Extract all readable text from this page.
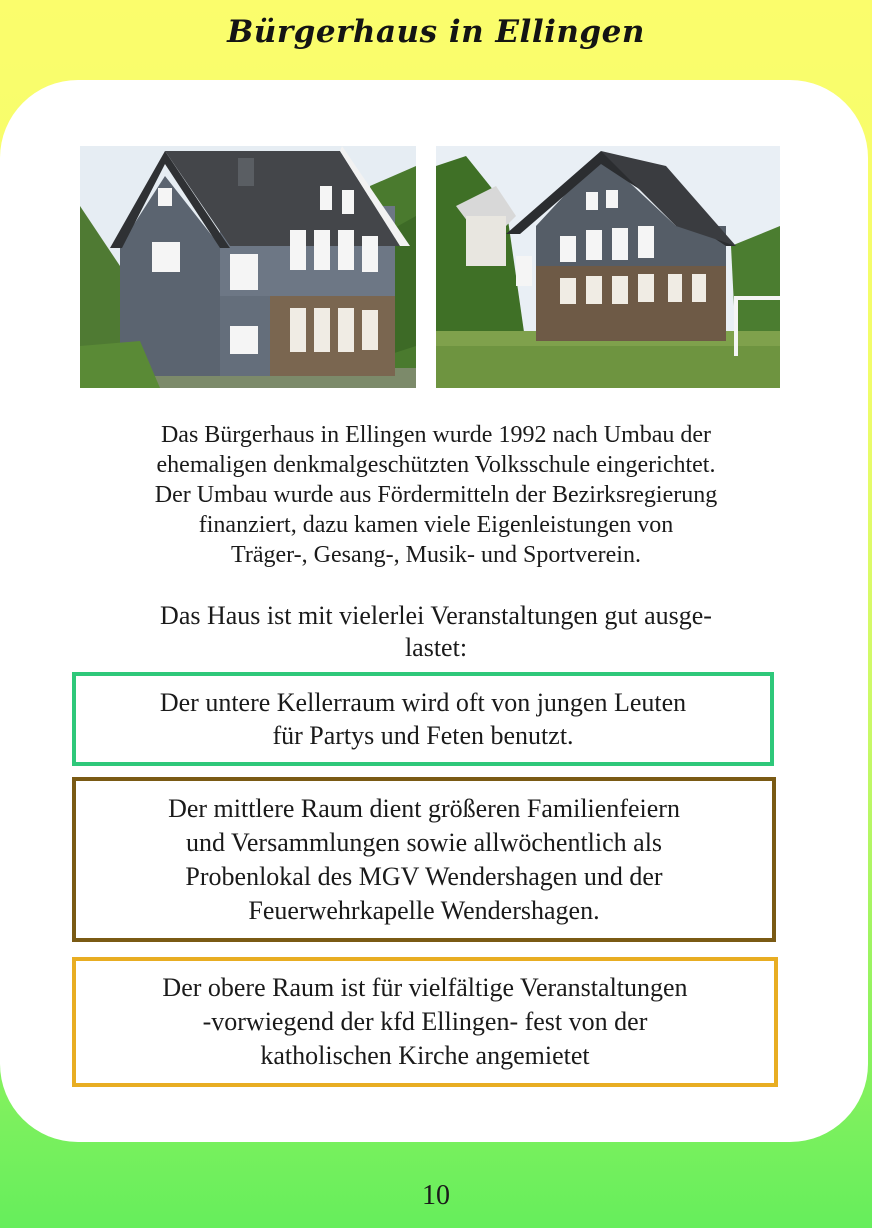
Bürgerhaus in Ellingen

Das Bürgerhaus in Ellingen wurde 1992 nach Umbau der

ehemaligen denkmalgeschützten Volksschule eingerichtet.

Der Umbau wurde aus Fördermitteln der Bezirksregierung

finanziert, dazu kamen viele Eigenleistungen von

Träger-, Gesang-, Musik- und Sportverein.

Das Haus ist mit vielerlei Veranstaltungen gut ausge-
lastet:

Der untere Kellerraum wird oft von jungen Leuten

für Partys und Feten benutzt.

Der mittlere Raum dient größeren Familienfeiern

und Versammlungen sowie allwöchentlich als

Probenlokal des MGV Wendershagen und der

Feuerwehrkapelle Wendershagen.

Der obere Raum ist für vielfältige Veranstaltungen

-vorwiegend der kfd Ellingen- fest von der

katholischen Kirche angemietet

10
